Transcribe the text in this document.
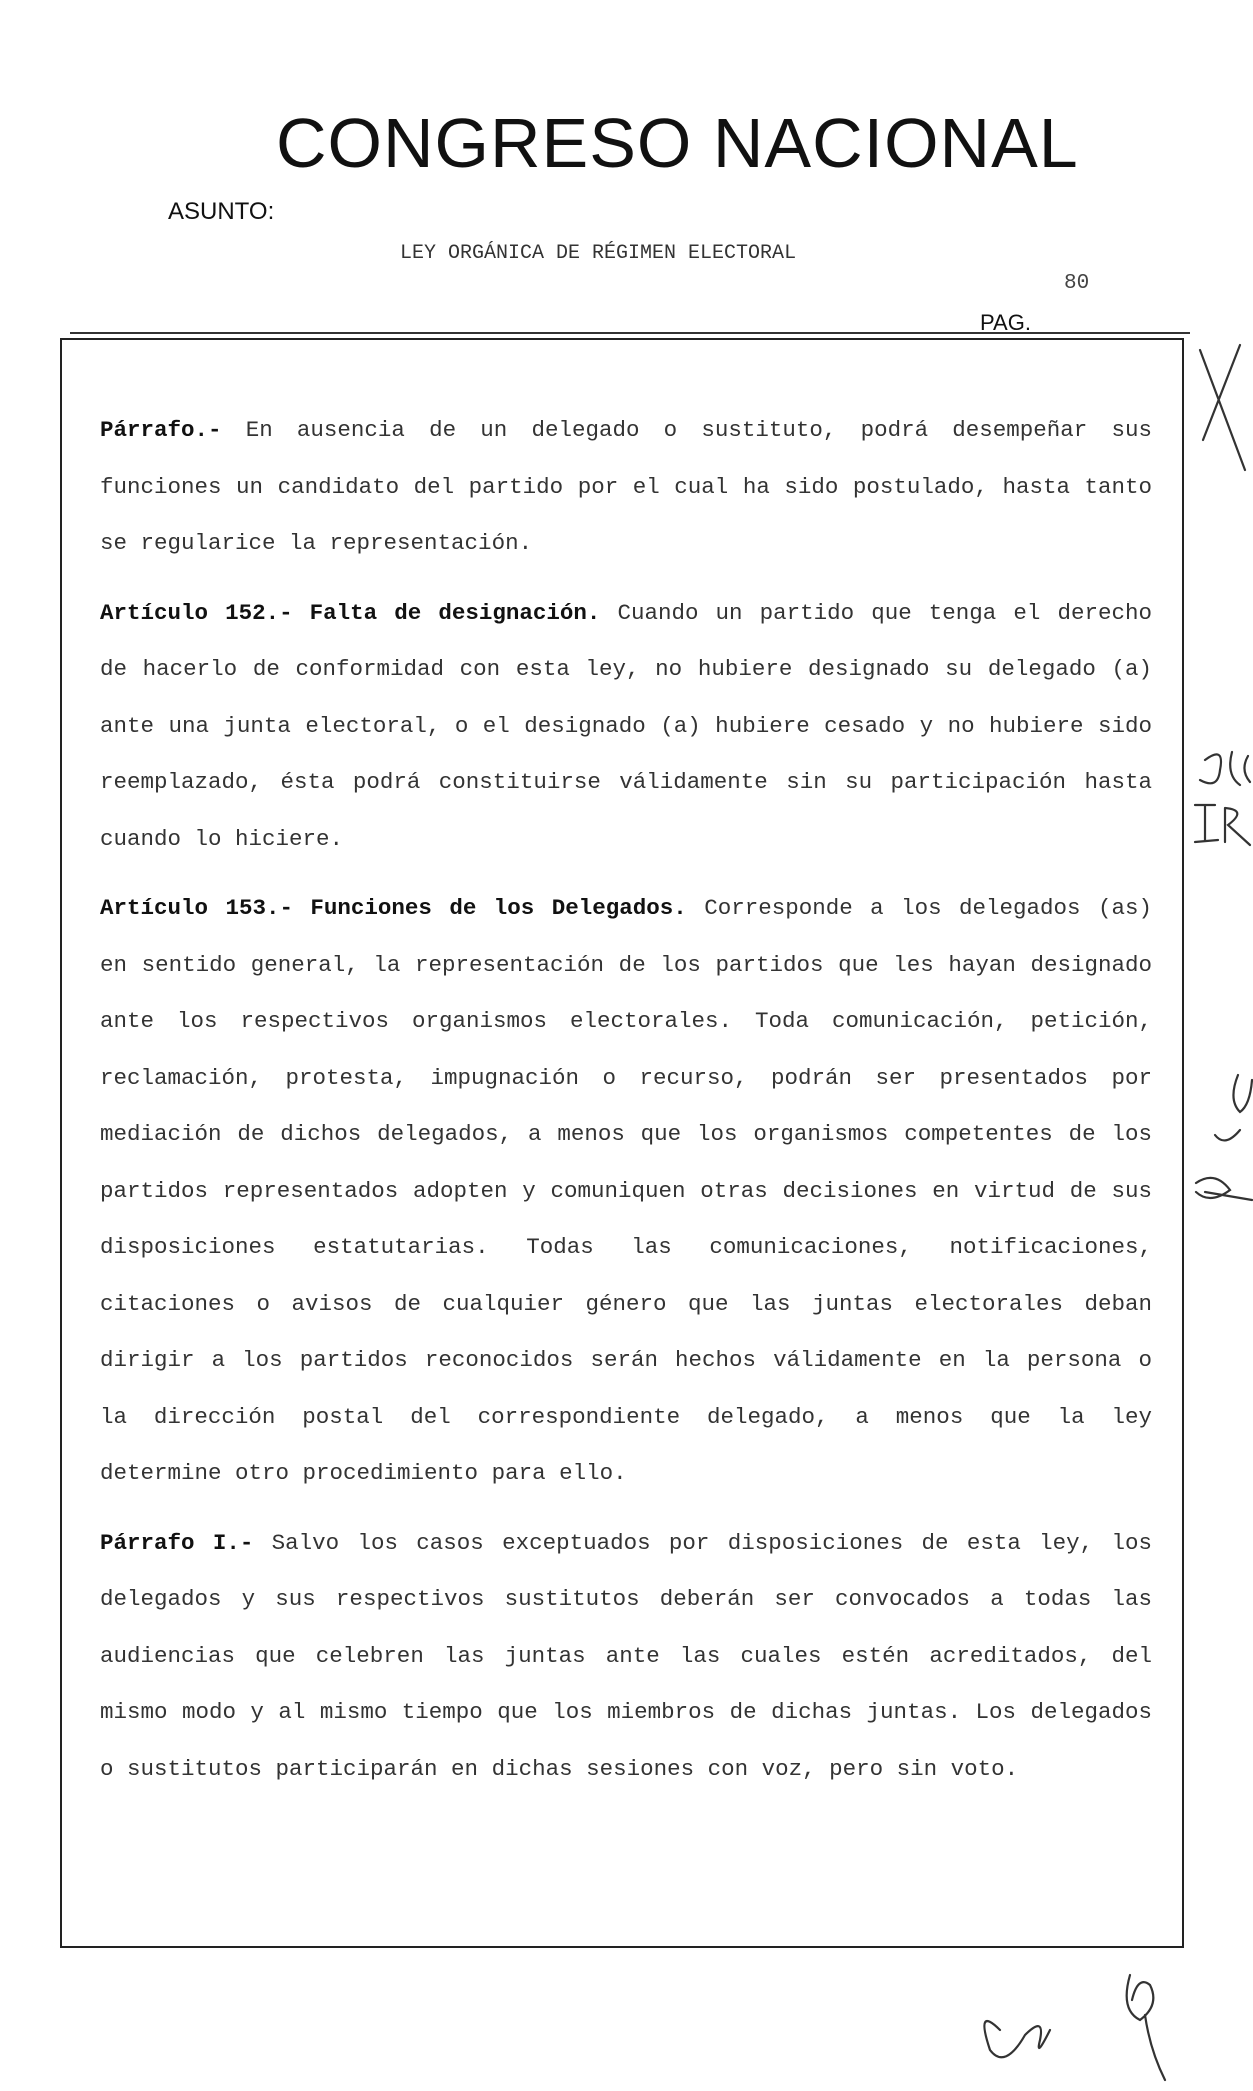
CONGRESO NACIONAL
ASUNTO:
LEY ORGÁNICA DE RÉGIMEN ELECTORAL
80
PAG.

Párrafo.- En ausencia de un delegado o sustituto, podrá desempeñar sus funciones un candidato del partido por el cual ha sido postulado, hasta tanto se regularice la representación.

Artículo 152.- Falta de designación. Cuando un partido que tenga el derecho de hacerlo de conformidad con esta ley, no hubiere designado su delegado (a) ante una junta electoral, o el designado (a) hubiere cesado y no hubiere sido reemplazado, ésta podrá constituirse válidamente sin su participación hasta cuando lo hiciere.

Artículo 153.- Funciones de los Delegados. Corresponde a los delegados (as) en sentido general, la representación de los partidos que les hayan designado ante los respectivos organismos electorales. Toda comunicación, petición, reclamación, protesta, impugnación o recurso, podrán ser presentados por mediación de dichos delegados, a menos que los organismos competentes de los partidos representados adopten y comuniquen otras decisiones en virtud de sus disposiciones estatutarias. Todas las comunicaciones, notificaciones, citaciones o avisos de cualquier género que las juntas electorales deban dirigir a los partidos reconocidos serán hechos válidamente en la persona o la dirección postal del correspondiente delegado, a menos que la ley determine otro procedimiento para ello.

Párrafo I.- Salvo los casos exceptuados por disposiciones de esta ley, los delegados y sus respectivos sustitutos deberán ser convocados a todas las audiencias que celebren las juntas ante las cuales estén acreditados, del mismo modo y al mismo tiempo que los miembros de dichas juntas. Los delegados o sustitutos participarán en dichas sesiones con voz, pero sin voto.
